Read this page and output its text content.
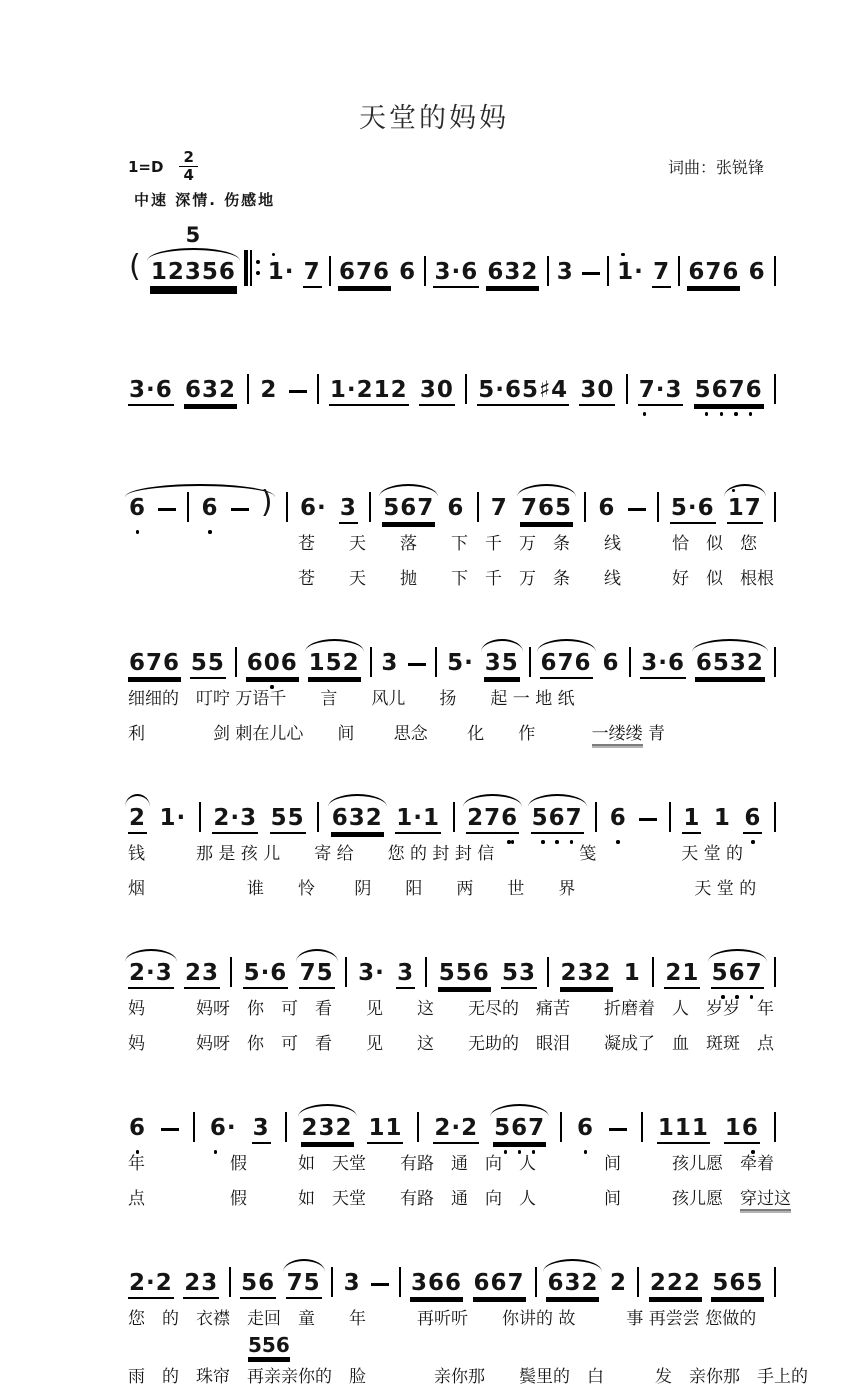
天堂的妈妈
$1=D \frac{2}{4}$	词曲：张锐锋
中速 深情. 伤感地
( 12356
5
1· 7 676 6 3·6 632 3 1· 7 676 6
3·6 632 2 1·212 30 5·65♯4 30 7·3 5676
6 6 ) 6· 3 567 6 7 765 6 5·6 17
　　　　　　　　　　苍　　天　　落　　下　千　万　条　　线　　　恰　似　您
　　　　　　　　　　苍　　天　　抛　　下　千　万　条　　线　　　好　似　根根
676 55 606 152 3 5· 35 676 6 3·6 6532
细细的　叮咛 万语千　　言　　风儿　　扬　　起 一 地 纸
利　　　　剑 刺在儿心　　间　　 思念　　 化　　作　　　 一缕缕 青
2 1· 2·3 55 632 1·1 276 567 6 1 1 6
钱　　　那 是 孩 儿　　寄 给　　您 的 封 封 信　　　　　笺　　　　　天 堂 的
烟　　　　　　谁　　怜　　 阴　　阳　　两　　世　　界　　　　　　　天 堂 的
2·3 23 5·6 75 3· 3 556 53 232 1 21 567
妈　　　妈呀　你　可　看　　见　　这　　无尽的　痛苦　　折磨着　人　岁岁　年
妈　　　妈呀　你　可　看　　见　　这　　无助的　眼泪　　凝成了　血　斑斑　点
6	6· 3 232 11 2·2 567 6	111 16
年　　　　　假　　　如　天堂　　有路　通　向　人　　　　间　　　孩儿愿　牵着
点　　　　　假　　　如　天堂　　有路　通　向　人　　　　间　　　孩儿愿　穿过这
2·2 23 56 75 3 366 667 632 2 222 565
您　的　衣襟　走回　童　　年　　　再听听　　你讲的 故　　　事 再尝尝 您做的
　　　　　　556
雨　的　珠帘　再亲亲你的　脸　　　　亲你那　　鬓里的　白　　　发　亲你那　手上的
